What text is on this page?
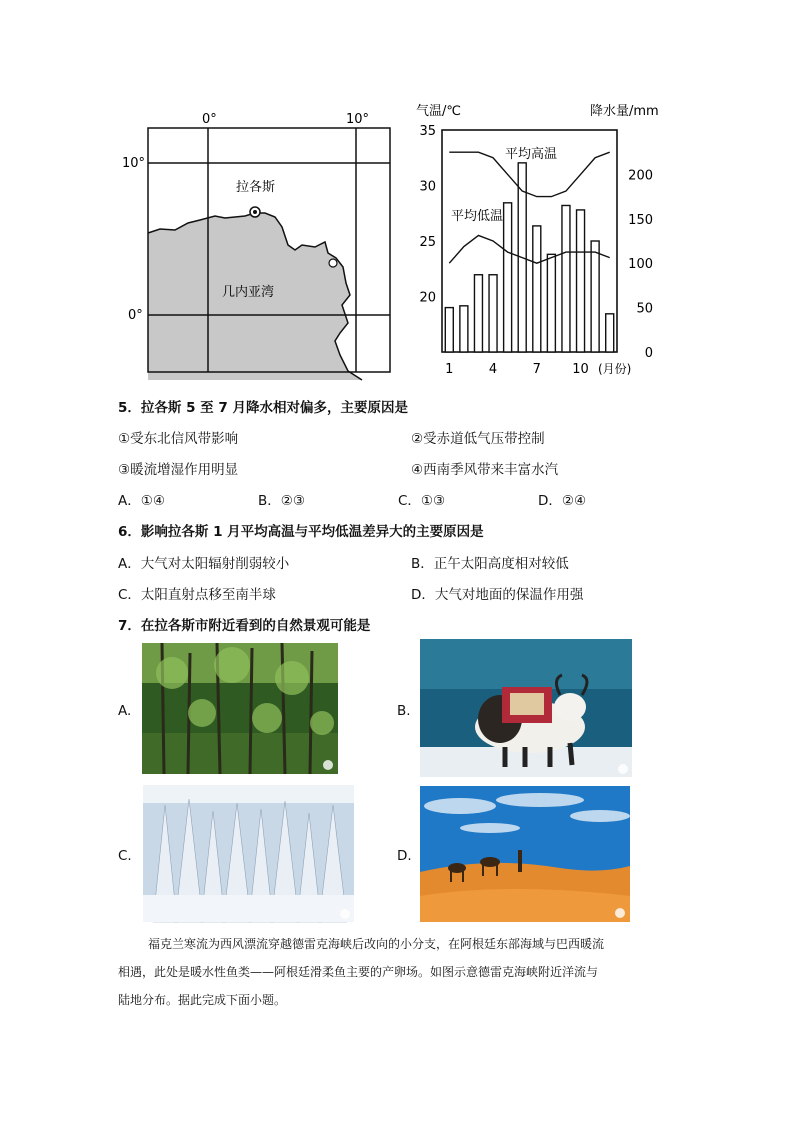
0°	10°
10°
0°
拉各斯
几内亚湾
气温/℃	降水量/mm
(月份)
平均高温
平均低温
35
30
25
20
200
150
100
50
0
1	4	7 10
5．拉各斯 5 至 7 月降水相对偏多，主要原因是
①受东北信风带影响	②受赤道低气压带控制
③暖流增湿作用明显	④西南季风带来丰富水汽
A．①④	B．②③	C．①③	D．②④
6．影响拉各斯 1 月平均高温与平均低温差异大的主要原因是
A．大气对太阳辐射削弱较小	B．正午太阳高度相对较低
C．太阳直射点移至南半球	D．大气对地面的保温作用强
7．在拉各斯市附近看到的自然景观可能是
A.	B.
C.	D.
福克兰寒流为西风漂流穿越德雷克海峡后改向的小分支，在阿根廷东部海域与巴西暖流
相遇，此处是暖水性鱼类——阿根廷滑柔鱼主要的产卵场。如图示意德雷克海峡附近洋流与
陆地分布。据此完成下面小题。
